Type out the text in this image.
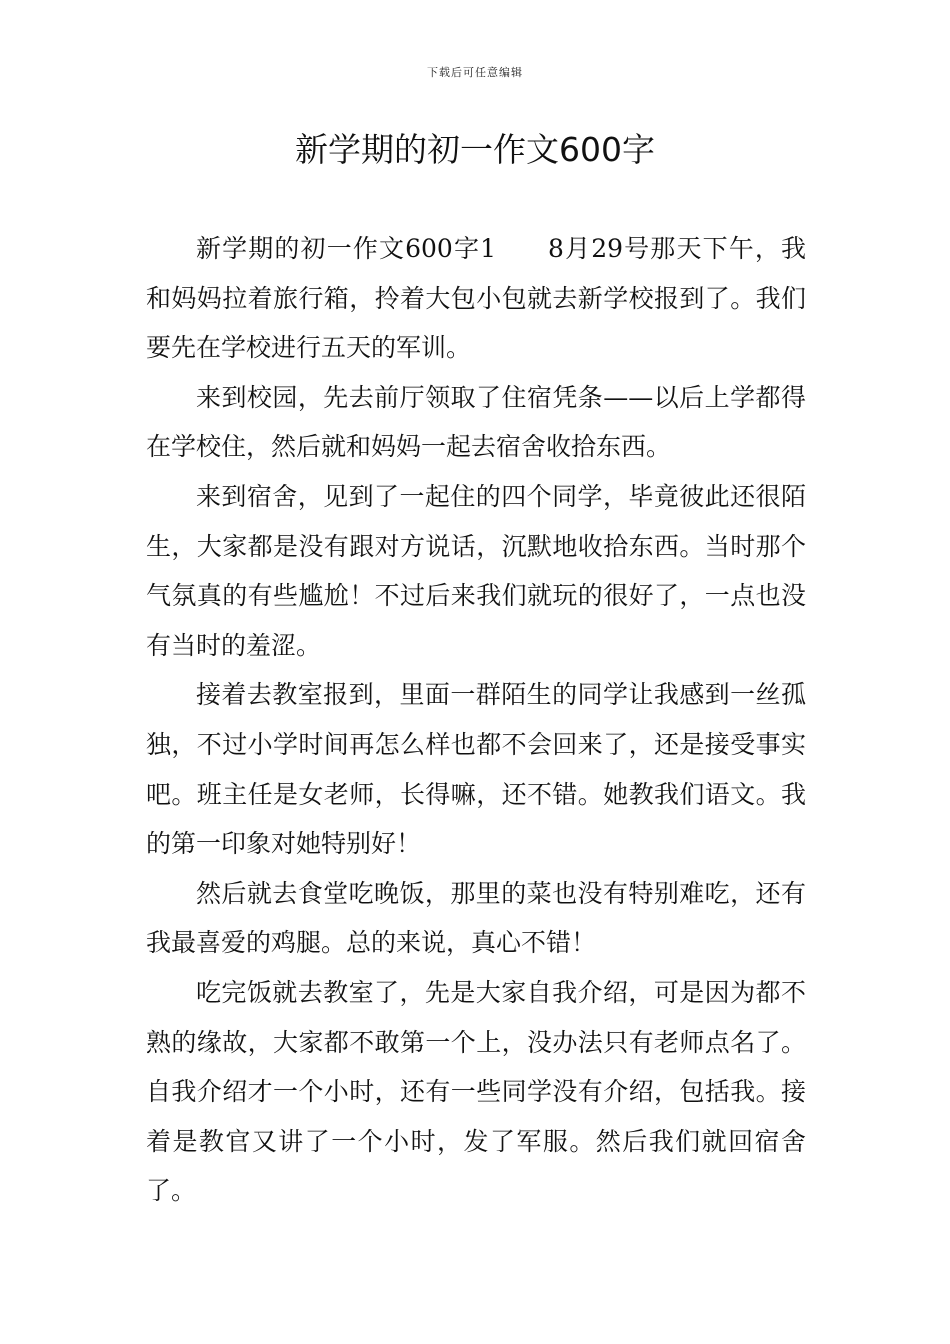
下载后可任意编辑
新学期的初一作文600字

新学期的初一作文600字1 8月29号那天下午，我和妈妈拉着旅行箱，拎着大包小包就去新学校报到了。我们要先在学校进行五天的军训。

来到校园，先去前厅领取了住宿凭条——以后上学都得在学校住，然后就和妈妈一起去宿舍收拾东西。

来到宿舍，见到了一起住的四个同学，毕竟彼此还很陌生，大家都是没有跟对方说话，沉默地收拾东西。当时那个气氛真的有些尴尬！不过后来我们就玩的很好了，一点也没有当时的羞涩。

接着去教室报到，里面一群陌生的同学让我感到一丝孤独，不过小学时间再怎么样也都不会回来了，还是接受事实吧。班主任是女老师，长得嘛，还不错。她教我们语文。我的第一印象对她特别好！

然后就去食堂吃晚饭，那里的菜也没有特别难吃，还有我最喜爱的鸡腿。总的来说，真心不错！

吃完饭就去教室了，先是大家自我介绍，可是因为都不熟的缘故，大家都不敢第一个上，没办法只有老师点名了。自我介绍才一个小时，还有一些同学没有介绍，包括我。接着是教官又讲了一个小时，发了军服。然后我们就回宿舍了。
